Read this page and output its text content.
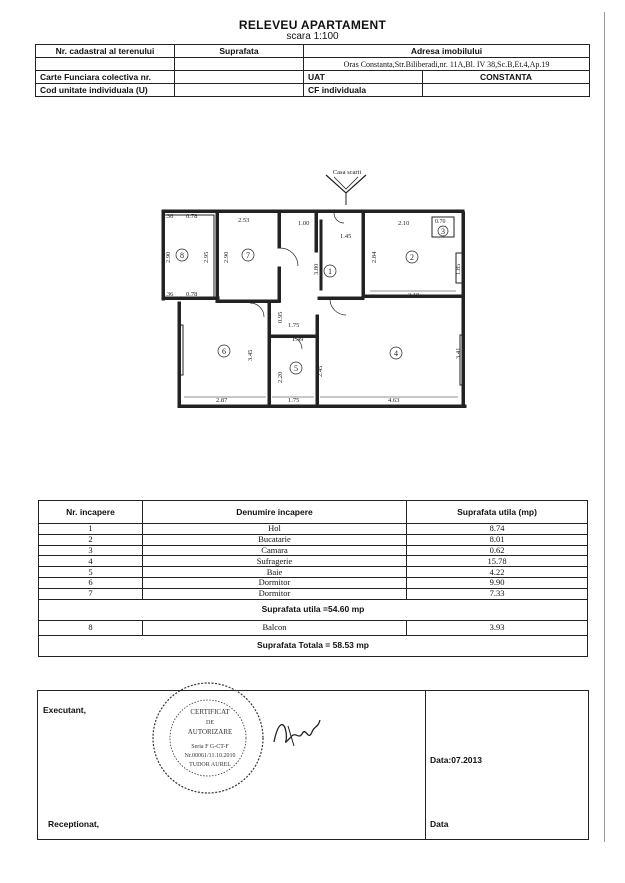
RELEVEU APARTAMENT
scara 1:100
Nr. cadastral al terenului	Suprafata	Adresa imobilului	
		Oras Constanta,Str.Biliberadi,nr. 11A,Bl. IV 38,Sc.B,Et.4,Ap.19	
Carte Funciara colectiva nr.		UAT	CONSTANTA
Cod unitate individuala (U)		CF individuala	
1
2
3
4
5
6
7
8
Casa scarii
0.36 0.78
2.53	1.00
1.45
2.10	0.70
2.90	2.95 2.90
3.80
2.84
1.85
0.36 0.78	3.10
0.95
1.75
1.49
3.45
2.20
2.45
3.41
2.87	1.75	4.63
Nr. incapere	Denumire incapere	Suprafata utila (mp)
1	Hol	8.74
2	Bucatarie	8.01
3	Camara	0.62
4	Sufragerie	15.78
5	Baie	4.22
6	Dormitor	9.90
7	Dormitor	7.33
Suprafata utila =54.60 mp		
8	Balcon	3.93
Suprafata Totala = 58.53 mp		
Executant,
Receptionat,
Data:07.2013
Data
CERTIFICAT
DE
AUTORIZARE
Seria F G-CT-F
Nr.00061/11.10.2010
TUDOR AUREL
